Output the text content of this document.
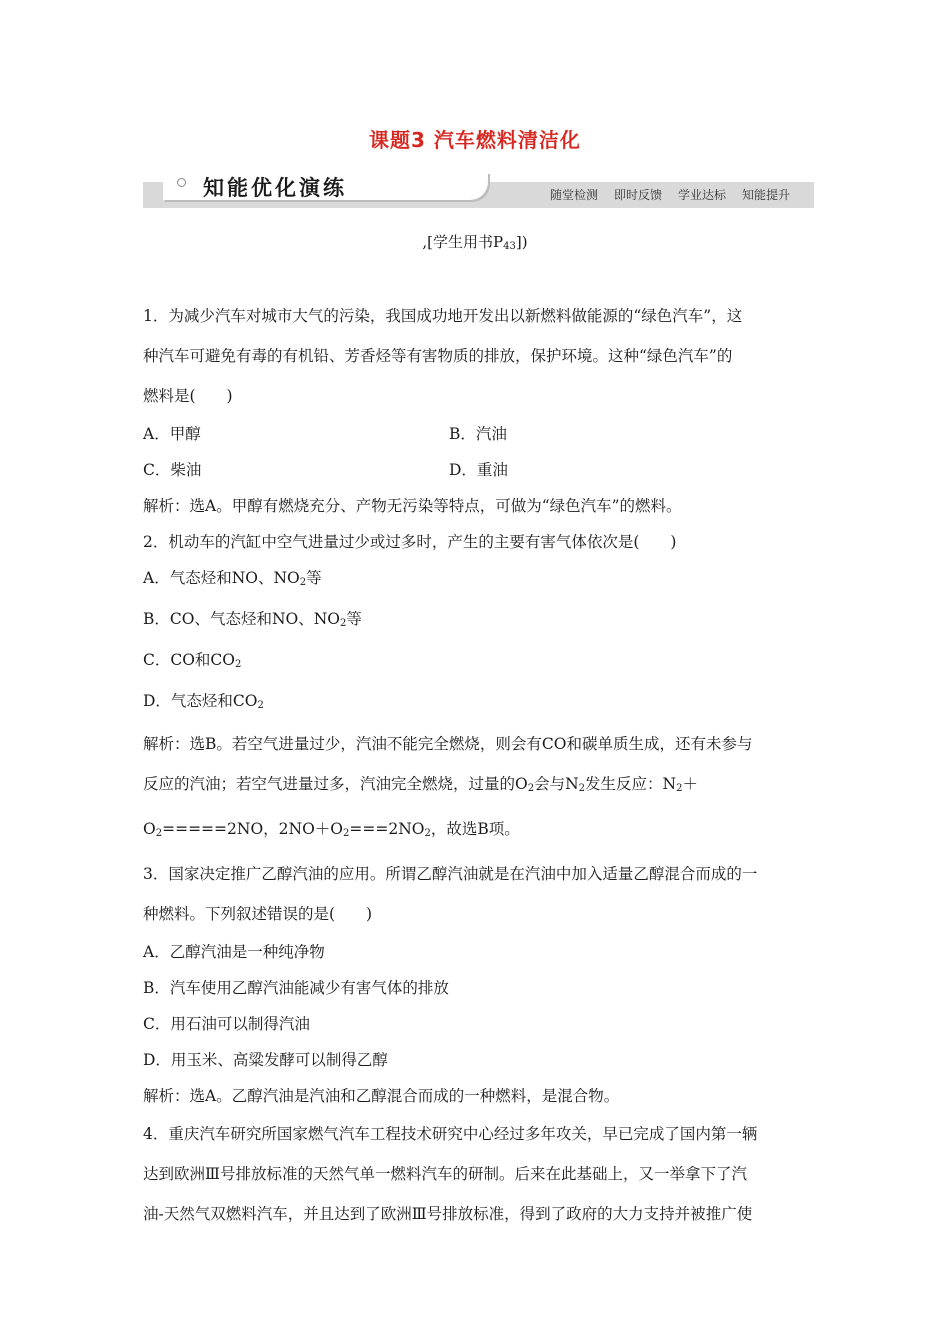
课题3 汽车燃料清洁化
知能优化演练	随堂检测 即时反馈 学业达标 知能提升
,[学生用书$P_{43}$])

1．为减少汽车对城市大气的污染，我国成功地开发出以新燃料做能源的“绿色汽车”，这

种汽车可避免有毒的有机铅、芳香烃等有害物质的排放，保护环境。这种“绿色汽车”的

燃料是(　　)

A．甲醇	B．汽油
C．柴油	D．重油

解析：选A。甲醇有燃烧充分、产物无污染等特点，可做为“绿色汽车”的燃料。

2．机动车的汽缸中空气进量过少或过多时，产生的主要有害气体依次是(　　)

A．气态烃和NO、$NO_2$等

B．CO、气态烃和NO、$NO_2$等

C．CO和$CO_2$

D．气态烃和$CO_2$

解析：选B。若空气进量过少，汽油不能完全燃烧，则会有CO和碳单质生成，还有未参与

反应的汽油；若空气进量过多，汽油完全燃烧，过量的$O_2$会与$N_2$发生反应：$N_2+$

$O_2=====2NO$，$2NO+O_2===2NO_2$，故选B项。

3．国家决定推广乙醇汽油的应用。所谓乙醇汽油就是在汽油中加入适量乙醇混合而成的一

种燃料。下列叙述错误的是(　　)

A．乙醇汽油是一种纯净物

B．汽车使用乙醇汽油能减少有害气体的排放

C．用石油可以制得汽油

D．用玉米、高粱发酵可以制得乙醇

解析：选A。乙醇汽油是汽油和乙醇混合而成的一种燃料，是混合物。

4．重庆汽车研究所国家燃气汽车工程技术研究中心经过多年攻关，早已完成了国内第一辆

达到欧洲Ⅲ号排放标准的天然气单一燃料汽车的研制。后来在此基础上，又一举拿下了汽

油-天然气双燃料汽车，并且达到了欧洲Ⅲ号排放标准，得到了政府的大力支持并被推广使
